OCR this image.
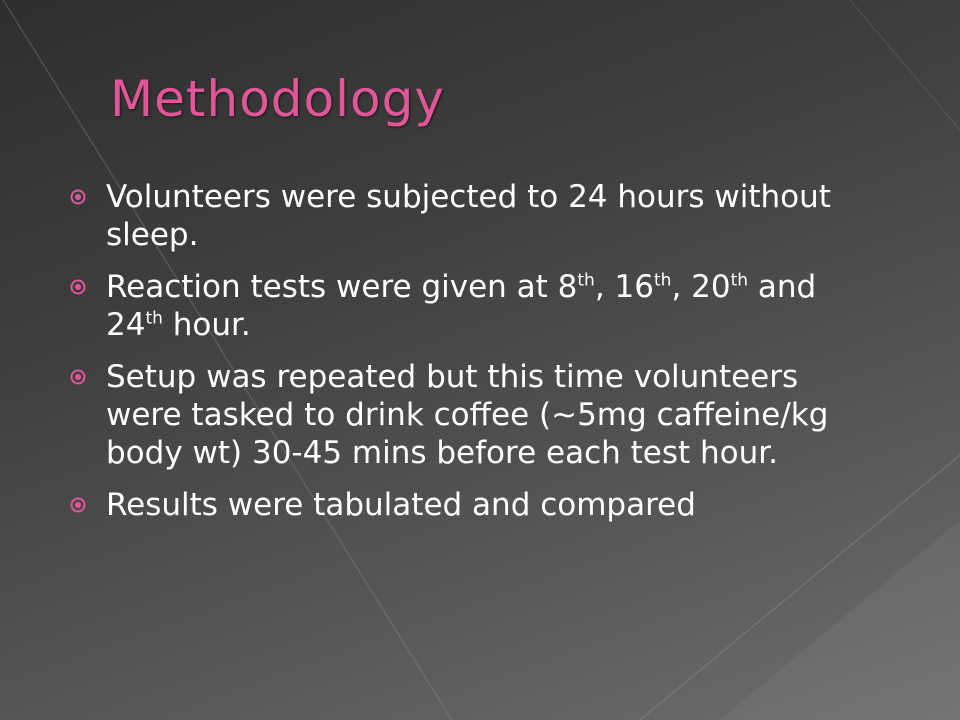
Methodology
Volunteers were subjected to 24 hours without sleep.
Reaction tests were given at 8th, 16th, 20th and 24th hour.
Setup was repeated but this time volunteers were tasked to drink coffee (~5mg caffeine/kg body wt) 30-45 mins before each test hour.
Results were tabulated and compared
